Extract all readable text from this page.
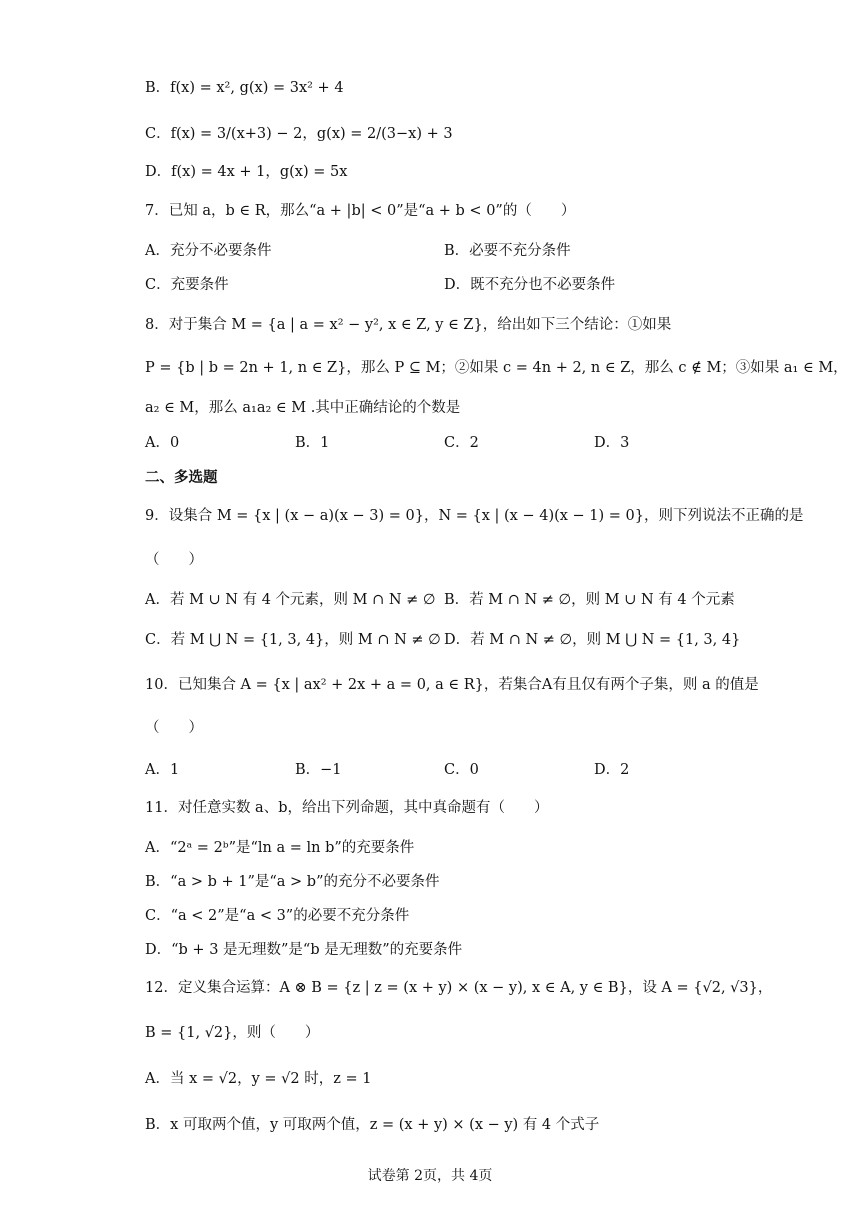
B．f(x) = x², g(x) = 3x² + 4
C．f(x) = 3/(x+3) − 2，g(x) = 2/(3−x) + 3
D．f(x) = 4x + 1，g(x) = 5x
7．已知 a，b ∈ R，那么“a + |b| < 0”是“a + b < 0”的（　　）
A．充分不必要条件	B．必要不充分条件
C．充要条件	D．既不充分也不必要条件
8．对于集合 M = {a | a = x² − y², x ∈ Z, y ∈ Z}，给出如下三个结论：①如果
P = {b | b = 2n + 1, n ∈ Z}，那么 P ⊆ M；②如果 c = 4n + 2, n ∈ Z，那么 c ∉ M；③如果 a₁ ∈ M，
a₂ ∈ M，那么 a₁a₂ ∈ M .其中正确结论的个数是
A．0	B．1	C．2	D．3
二、多选题
9．设集合 M = {x | (x − a)(x − 3) = 0}，N = {x | (x − 4)(x − 1) = 0}，则下列说法不正确的是
（　　）
A．若 M ∪ N 有 4 个元素，则 M ∩ N ≠ ∅ B．若 M ∩ N ≠ ∅，则 M ∪ N 有 4 个元素
C．若 M ⋃ N = {1, 3, 4}，则 M ∩ N ≠ ∅ D．若 M ∩ N ≠ ∅，则 M ⋃ N = {1, 3, 4}
10．已知集合 A = {x | ax² + 2x + a = 0, a ∈ R}，若集合A有且仅有两个子集，则 a 的值是
（　　）
A．1	B．−1	C．0	D．2
11．对任意实数 a、b，给出下列命题，其中真命题有（　　）
A．“2ᵃ = 2ᵇ”是“ln a = ln b”的充要条件
B．“a > b + 1”是“a > b”的充分不必要条件
C．“a < 2”是“a < 3”的必要不充分条件
D．“b + 3 是无理数”是“b 是无理数”的充要条件
12．定义集合运算：A ⊗ B = {z | z = (x + y) × (x − y), x ∈ A, y ∈ B}，设 A = {√2, √3}，
B = {1, √2}，则（　　）
A．当 x = √2，y = √2 时，z = 1
B．x 可取两个值，y 可取两个值，z = (x + y) × (x − y) 有 4 个式子
试卷第 2页，共 4页
